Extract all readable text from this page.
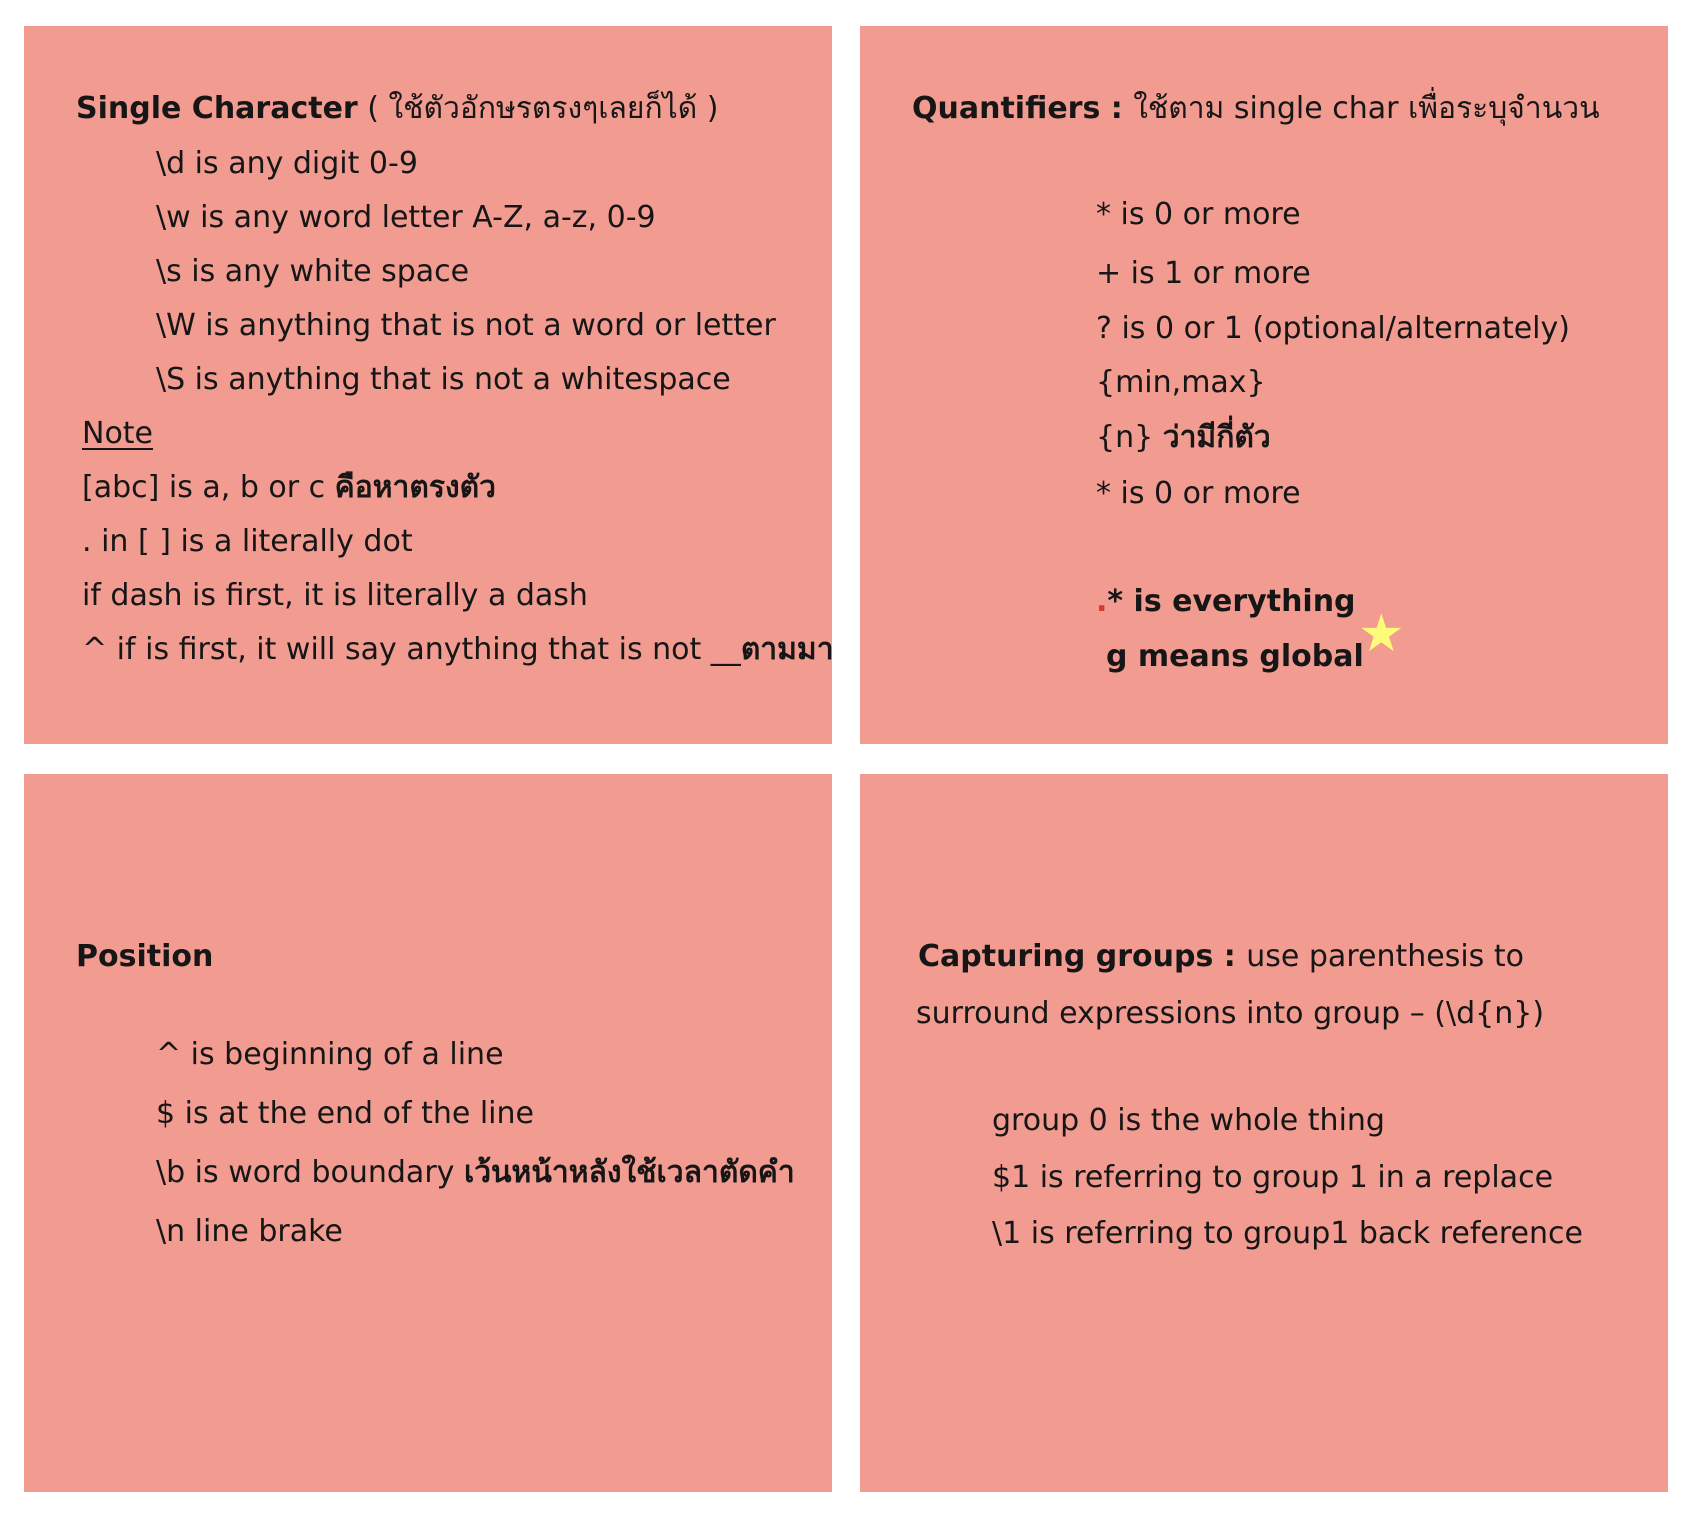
Single Character ( ใช้ตัวอักษรตรงๆเลยก็ได้ )
\d is any digit 0-9
\w is any word letter A-Z, a-z, 0-9
\s is any white space
\W is anything that is not a word or letter
\S is anything that is not a whitespace
Note
[abc] is a, b or c คือหาตรงตัว
. in [ ] is a literally dot
if dash is first, it is literally a dash
^ if is first, it will say anything that is not __ตามมา
Quantifiers : ใช้ตาม single char เพื่อระบุจำนวน
* is 0 or more
+ is 1 or more
? is 0 or 1 (optional/alternately)
{min,max}
{n} ว่ามีกี่ตัว
* is 0 or more
.* is everything
g means global
★
Position
^ is beginning of a line
$ is at the end of the line
\b is word boundary เว้นหน้าหลังใช้เวลาตัดคำ
\n line brake
Capturing groups : use parenthesis to
surround expressions into group – (\d{n})
group 0 is the whole thing
$1 is referring to group 1 in a replace
\1 is referring to group1 back reference
